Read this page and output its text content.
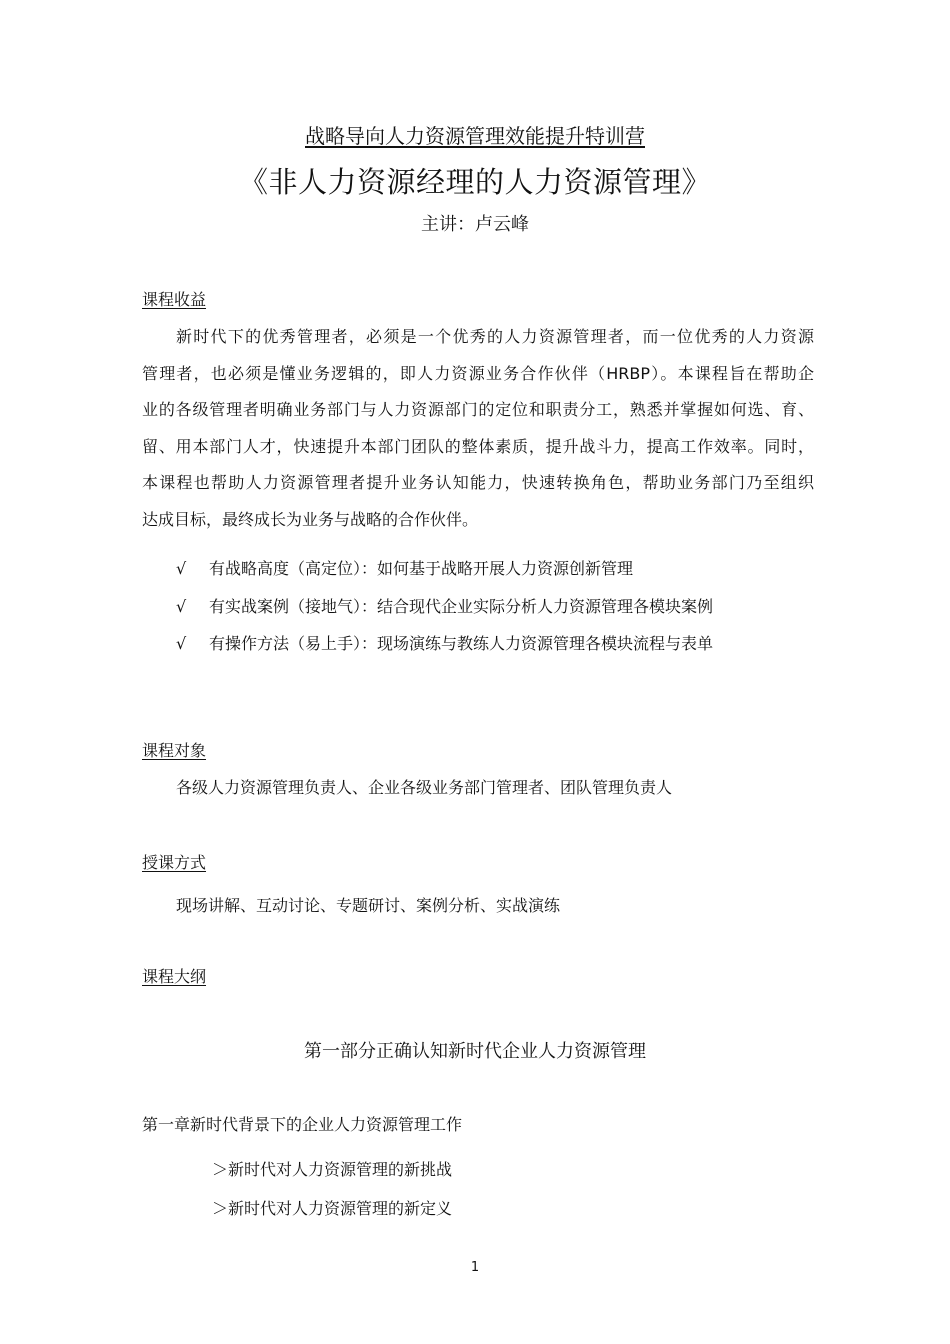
战略导向人力资源管理效能提升特训营
《非人力资源经理的人力资源管理》
主讲：卢云峰
课程收益
新时代下的优秀管理者，必须是一个优秀的人力资源管理者，而一位优秀的人力资源
管理者，也必须是懂业务逻辑的，即人力资源业务合作伙伴（HRBP）。本课程旨在帮助企
业的各级管理者明确业务部门与人力资源部门的定位和职责分工，熟悉并掌握如何选、育、
留、用本部门人才，快速提升本部门团队的整体素质，提升战斗力，提高工作效率。同时，
本课程也帮助人力资源管理者提升业务认知能力，快速转换角色，帮助业务部门乃至组织
达成目标，最终成长为业务与战略的合作伙伴。
√ 有战略高度（高定位）：如何基于战略开展人力资源创新管理
√ 有实战案例（接地气）：结合现代企业实际分析人力资源管理各模块案例
√ 有操作方法（易上手）：现场演练与教练人力资源管理各模块流程与表单
课程对象
各级人力资源管理负责人、企业各级业务部门管理者、团队管理负责人
授课方式
现场讲解、互动讨论、专题研讨、案例分析、实战演练
课程大纲
第一部分正确认知新时代企业人力资源管理
第一章新时代背景下的企业人力资源管理工作
＞新时代对人力资源管理的新挑战
＞新时代对人力资源管理的新定义
1
